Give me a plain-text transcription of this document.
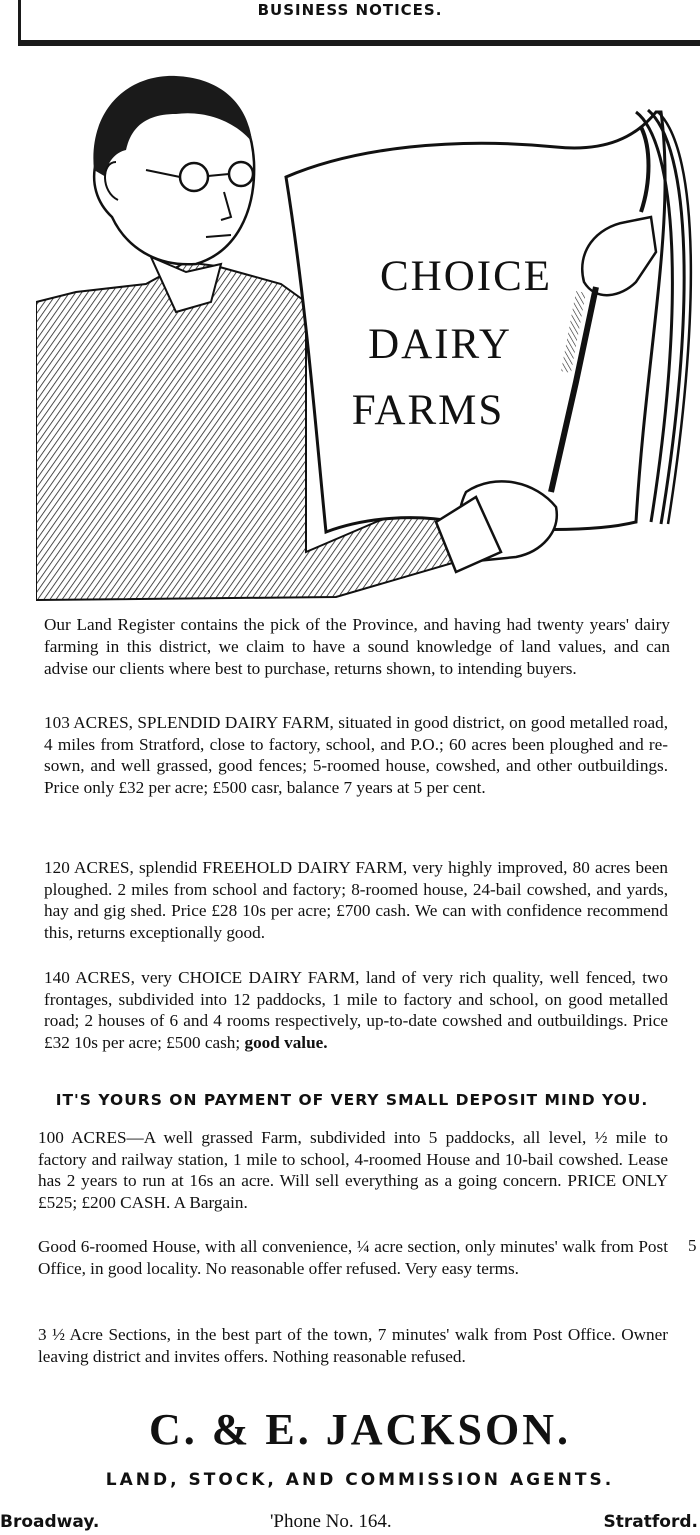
BUSINESS NOTICES.
CHOICE
DAIRY
FARMS

Our Land Register contains the pick of the Province, and having had twenty years' dairy farming in this district, we claim to have a sound knowledge of land values, and can advise our clients where best to purchase, returns shown, to intending buyers.

103 ACRES, SPLENDID DAIRY FARM, situated in good district, on good metalled road, 4 miles from Stratford, close to factory, school, and P.O.; 60 acres been ploughed and re-sown, and well grassed, good fences; 5-roomed house, cowshed, and other outbuildings. Price only £32 per acre; £500 casr, balance 7 years at 5 per cent.
120 ACRES, splendid FREEHOLD DAIRY FARM, very highly improved, 80 acres been ploughed. 2 miles from school and factory; 8-roomed house, 24-bail cowshed, and yards, hay and gig shed. Price £28 10s per acre; £700 cash. We can with confidence recommend this, returns exceptionally good.
140 ACRES, very CHOICE DAIRY FARM, land of very rich quality, well fenced, two frontages, subdivided into 12 paddocks, 1 mile to factory and school, on good metalled road; 2 houses of 6 and 4 rooms respectively, up-to-date cowshed and outbuildings. Price £32 10s per acre; £500 cash; good value.
IT'S YOURS ON PAYMENT OF VERY SMALL DEPOSIT MIND YOU.
100 ACRES—A well grassed Farm, subdivided into 5 paddocks, all level, ½ mile to factory and railway station, 1 mile to school, 4-roomed House and 10-bail cowshed. Lease has 2 years to run at 16s an acre. Will sell everything as a going concern. PRICE ONLY £525; £200 CASH. A Bargain.
Good 6-roomed House, with all convenience, ¼ acre section, only minutes' walk from Post Office, in good locality. No reasonable offer refused. Very easy terms.
5
3 ½ Acre Sections, in the best part of the town, 7 minutes' walk from Post Office. Owner leaving district and invites offers. Nothing reasonable refused.
C. & E. JACKSON.
LAND, STOCK, AND COMMISSION AGENTS.
Broadway.	'Phone No. 164.	Stratford.
